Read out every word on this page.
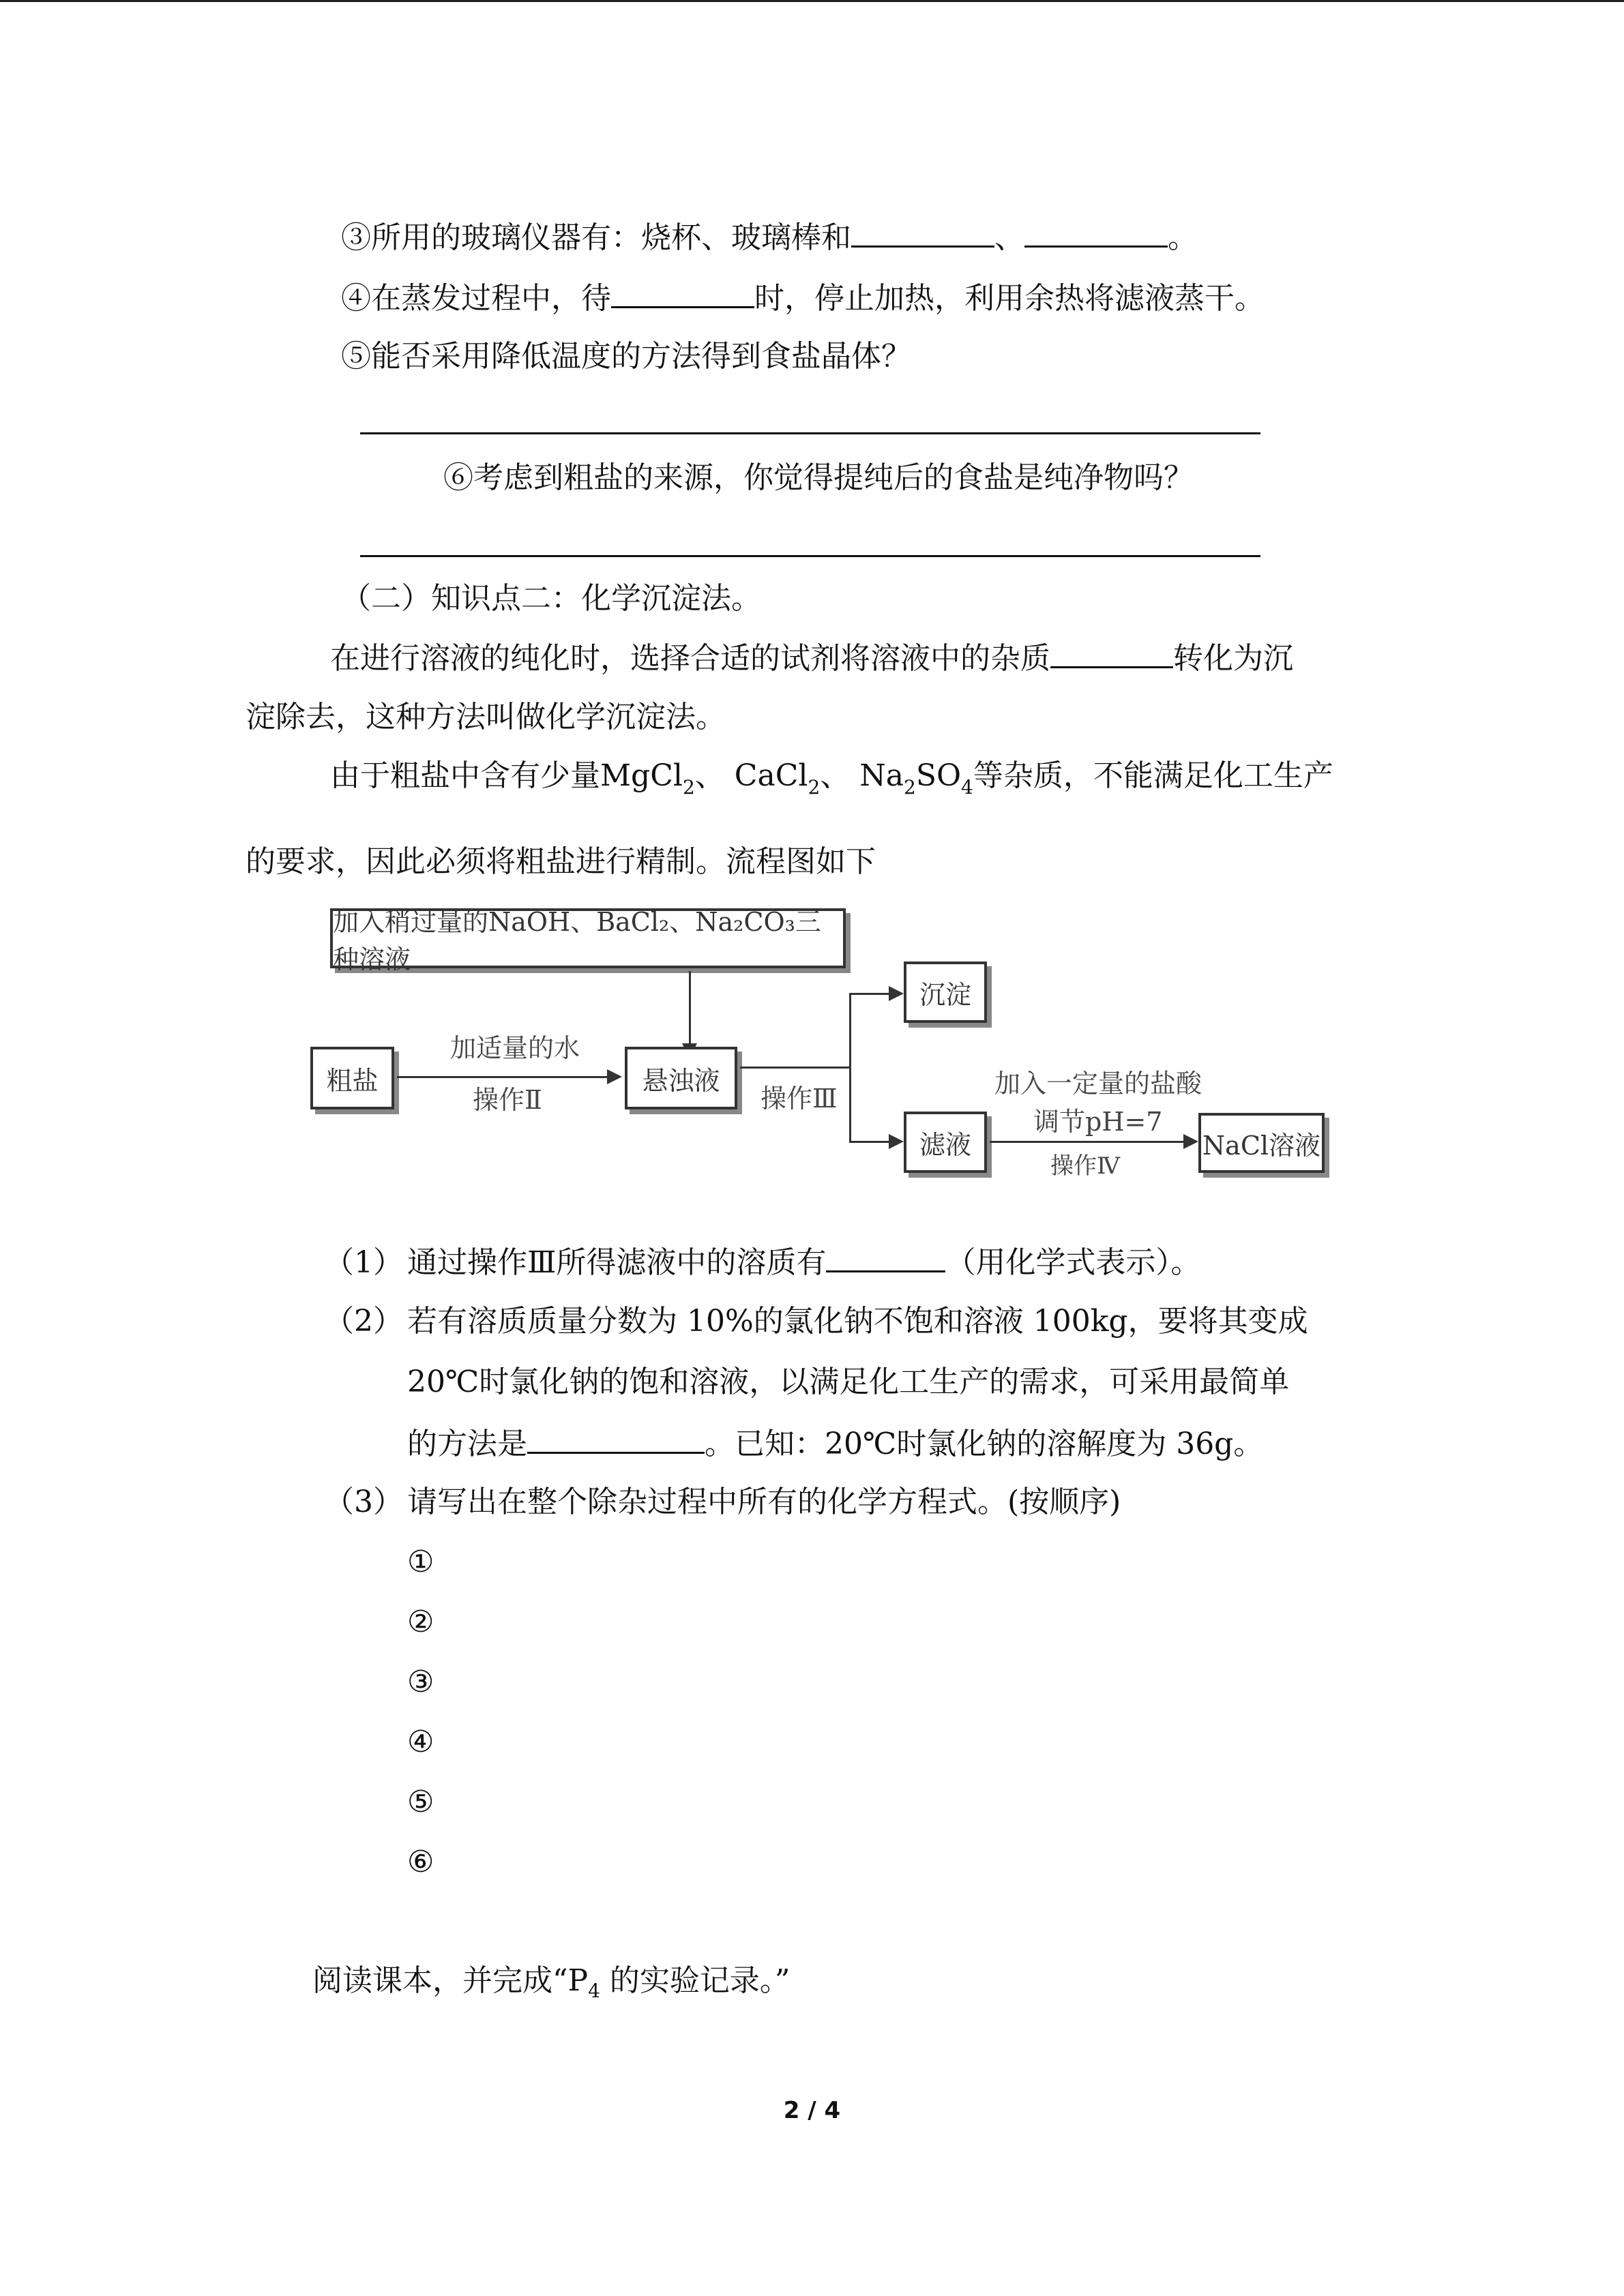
③所用的玻璃仪器有：烧杯、玻璃棒和	、	。
④在蒸发过程中，待	时，停止加热，利用余热将滤液蒸干。
⑤能否采用降低温度的方法得到食盐晶体？
⑥考虑到粗盐的来源，你觉得提纯后的食盐是纯净物吗？
（二）知识点二：化学沉淀法。
在进行溶液的纯化时，选择合适的试剂将溶液中的杂质	转化为沉
淀除去，这种方法叫做化学沉淀法。
由于粗盐中含有少量MgCl$_2$、 CaCl$_2$、 $Na_2SO_4$等杂质，不能满足化工生产
的要求，因此必须将粗盐进行精制。流程图如下
加入稍过量的NaOH、BaCl₂、Na₂CO₃三种溶液
粗盐
加适量的水
操作Ⅱ
悬浊液
操作Ⅲ
沉淀
滤液
加入一定量的盐酸
调节pH=7
操作Ⅳ
NaCl溶液
（1） 通过操作Ⅲ所得滤液中的溶质有	（用化学式表示）。
（2） 若有溶质质量分数为 10%的氯化钠不饱和溶液 100kg，要将其变成
20℃时氯化钠的饱和溶液，以满足化工生产的需求，可采用最简单
的方法是	。已知：20℃时氯化钠的溶解度为 36g。
（3） 请写出在整个除杂过程中所有的化学方程式。(按顺序)
①
②
③
④
⑤
⑥
阅读课本，并完成“$P_4$ 的实验记录。”
2 / 4
